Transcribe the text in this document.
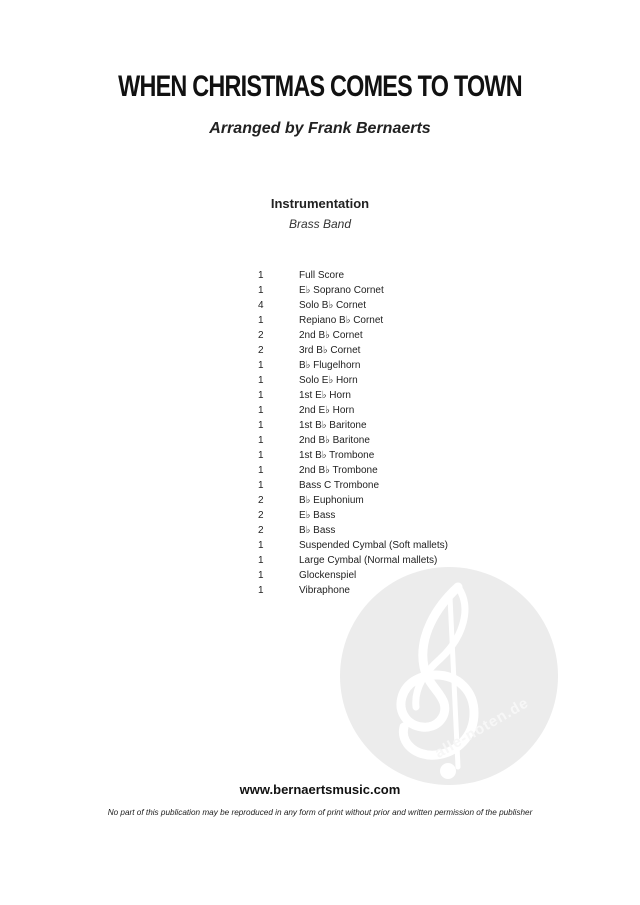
WHEN CHRISTMAS COMES TO TOWN
Arranged by Frank Bernaerts
Instrumentation
Brass Band
1	Full Score
1	E♭ Soprano Cornet
4	Solo B♭ Cornet
1	Repiano B♭ Cornet
2	2nd B♭ Cornet
2	3rd B♭ Cornet
1	B♭ Flugelhorn
1	Solo E♭ Horn
1	1st E♭ Horn
1	2nd E♭ Horn
1	1st B♭ Baritone
1	2nd B♭ Baritone
1	1st B♭ Trombone
1	2nd B♭ Trombone
1	Bass C Trombone
2	B♭ Euphonium
2	E♭ Bass
2	B♭ Bass
1	Suspended Cymbal (Soft mallets)
1	Large Cymbal (Normal mallets)
1	Glockenspiel
1	Vibraphone
alle-noten.de
www.bernaertsmusic.com
No part of this publication may be reproduced in any form of print without prior and written permission of the publisher
